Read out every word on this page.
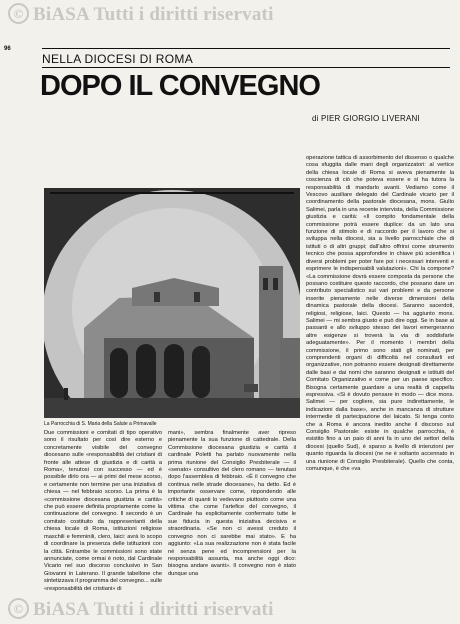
© BiASA Tutti i diritti riservati
96
NELLA DIOCESI DI ROMA
DOPO IL CONVEGNO
di PIER GIORGIO LIVERANI
La Parrocchia di S. Maria della Salute a Primavalle
Due commissioni e comitati di tipo operativo sono il risultato per così dire esterno e concretamente visibile del convegno diocesano sulle «responsabilità dei cristiani di fronte alle attese di giustizia e di carità a Roma», tenutosi con successo — ed è possibile dirlo ora — ai primi del mese scorso, e certamente non termine per una iniziativa di chiesa — nel febbraio scorso. La prima è la «commissione diocesana giustizia e carità» che può essere definita propriamente come la continuazione del convegno. Il secondo è un comitato costituito da rappresentanti della chiesa locale di Roma, istituzioni religiose maschili e femminili, clero, laici: avrà lo scopo di coordinare la presenza delle istituzioni con la città. Entrambe le commissioni sono state annunciate, come ormai è noto, dal Cardinale Vicario nel suo discorso conclusivo in San Giovanni in Laterano. Il grande tabellone che sintetizzava il programma del convegno... sulle «responsabilità dei cristiani» di
mani», sembra finalmente aver ripreso pienamente la sua funzione di cattedrale. Della Commissione diocesana giustizia e carità il cardinale Poletti ha parlato nuovamente nella prima riunione del Consiglio Presbiterale — il «senato» consultivo del clero romano — tenutasi dopo l'assemblea di febbraio. «È il convegno che continua nelle strade diocesane», ha detto. Ed è importante osservare come, rispondendo alle critiche di quanti lo vedevano piuttosto come una vittima che come l'artefice del convegno, il Cardinale ha esplicitamente confermato tutte le sue fiducia in questa iniziativa decisiva e straordinaria. «Se non ci avessi creduto il convegno non ci sarebbe mai stato». E ha aggiunto: «La sua realizzazione non è stata facile né senza pene ed incomprensioni per la responsabilità assunta, ma anche oggi dico: bisogna andare avanti». Il convegno non è stato dunque una
operazione tattica di assorbimento del dissenso o qualche cosa sfuggita dalle mani degli organizzatori: al vertice della chiesa locale di Roma si aveva pienamente la coscienza di ciò che poteva essere e si ha tutora la responsabilità di mandarlo avanti. Vediamo come il Vescovo ausiliare delegato del Cardinale vicario per il coordinamento della pastorale diocesana, mons. Giulio Salimei, parla in una recente intervista, della Commissione giustizia e carità: «Il compito fondamentale della commissione potrà essere duplice: da un lato una funzione di stimolo e di raccordo per il lavoro che si sviluppa nella diocesi, sia a livello parrocchiale che di istituti o di altri gruppi; dall'altro offrirsi come strumento tecnico che possa approfondire in chiave più scientifica i diversi problemi per poter fare poi i necessari interventi e esprimere le indispensabili valutazioni». Chi la compone? «La commissione dovrà essere composta da persone che possano costituire questo raccordo, che possano dare un contributo specialistico sui vari problemi e da persone inserite pienamente nelle diverse dimensioni della dinamica pastorale della diocesi. Saranno sacerdoti, religiosi, religiose, laici. Questo — ha aggiunto mons. Salimei — mi sembra giusto e può dire oggi. Se in base ai passanti e allo sviluppo stesso dei lavori emergeranno altre esigenze si troverà la via di soddisfarle adeguatamente». Per il momento i membri della commissione, il primo sono stati gli nominati, per comprendenti organi di difficoltà nel consultarli ed organizzative, non potranno essere designati direttamente dalle basi e dai nomi che saranno designati e istituiti del Comitato Organizzativo e come per un paese specifico. Bisogna certamente guardare a una realtà di cappella espressiva. «Si è dovuto pensare in modo — dice mons. Salimei — per cogliere, sia pure indirettamente, le indicazioni dalla base», anche in mancanza di strutture intermedie di partecipazione dei laicato. Si tenga conto che a Roma è ancora inedito anche il discorso sul Consiglio Pastorale: esiste in qualche parrocchia, è esistito fino a un paio di anni fa in uno dei settori della diocesi (quello Sud), è sparso a livello di intenzioni per quanto riguarda la diocesi (ne ne è soltanto accennato in una riunione di Consiglio Presbiterale). Quello che conta, comunque, è che «va
© BiASA Tutti i diritti riservati
